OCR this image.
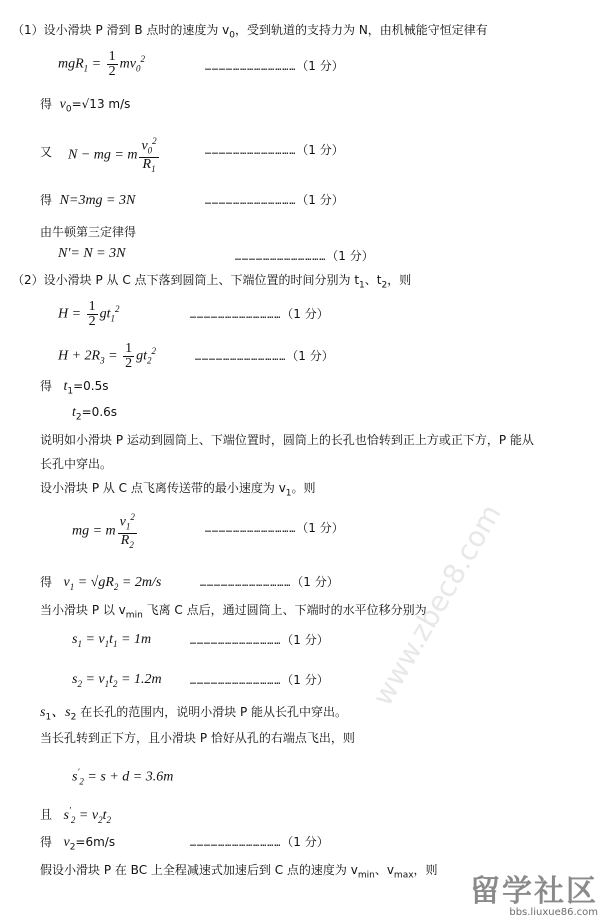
（1）设小滑块 P 滑到 B 点时的速度为 $v_0$，受到轨道的支持力为 N，由机械能守恒定律有
$mgR_1 = \frac{1}{2} mv_0^2$
…………………………………（1 分）
得 $v_0=√13$ m/s
又 N − mg = m $\frac{v_0^2}{R_1}$	…………………………………（1 分）
得 N=3mg = 3N	…………………………………（1 分）
由牛顿第三定律得
N′= N = 3N	…………………………………（1 分）
（2）设小滑块 P 从 C 点下落到圆筒上、下端位置的时间分别为 $t_1$、$t_2$，则
$H = \frac{1}{2} gt_1^2$
…………………………………（1 分）
$H + 2R_3 = \frac{1}{2} gt_2^2$
…………………………………（1 分）
得 $t_1=0.5s$
$t_2=0.6s$
说明如小滑块 P 运动到圆筒上、下端位置时，圆筒上的长孔也恰转到正上方或正下方，P 能从
长孔中穿出。
设小滑块 P 从 C 点飞离传送带的最小速度为 $v_1$。则
mg = m $\frac{v_1^2}{R_2}$	…………………………………（1 分）
得 $v_1 = √gR_2 = 2m/s$	…………………………………（1 分）
当小滑块 P 以 $v_{min}$ 飞离 C 点后，通过圆筒上、下端时的水平位移分别为
$s_1 = v_1t_1 = 1m$	…………………………………（1 分）
$s_2 = v_1t_2 = 1.2m$	…………………………………（1 分）
$s_1$、$s_2$ 在长孔的范围内，说明小滑块 P 能从长孔中穿出。
当长孔转到正下方，且小滑块 P 恰好从孔的右端点飞出，则
$s'_2 = s + d = 3.6m$
且 $s'_2 = v_2t_2$
得 $v_2=6m/s$	…………………………………（1 分）
假设小滑块 P 在 BC 上全程减速式加速后到 C 点的速度为 $v_{min}$、$v_{max}$，则
www.zbec8.com
留学社区
bbs.liuxue86.com
